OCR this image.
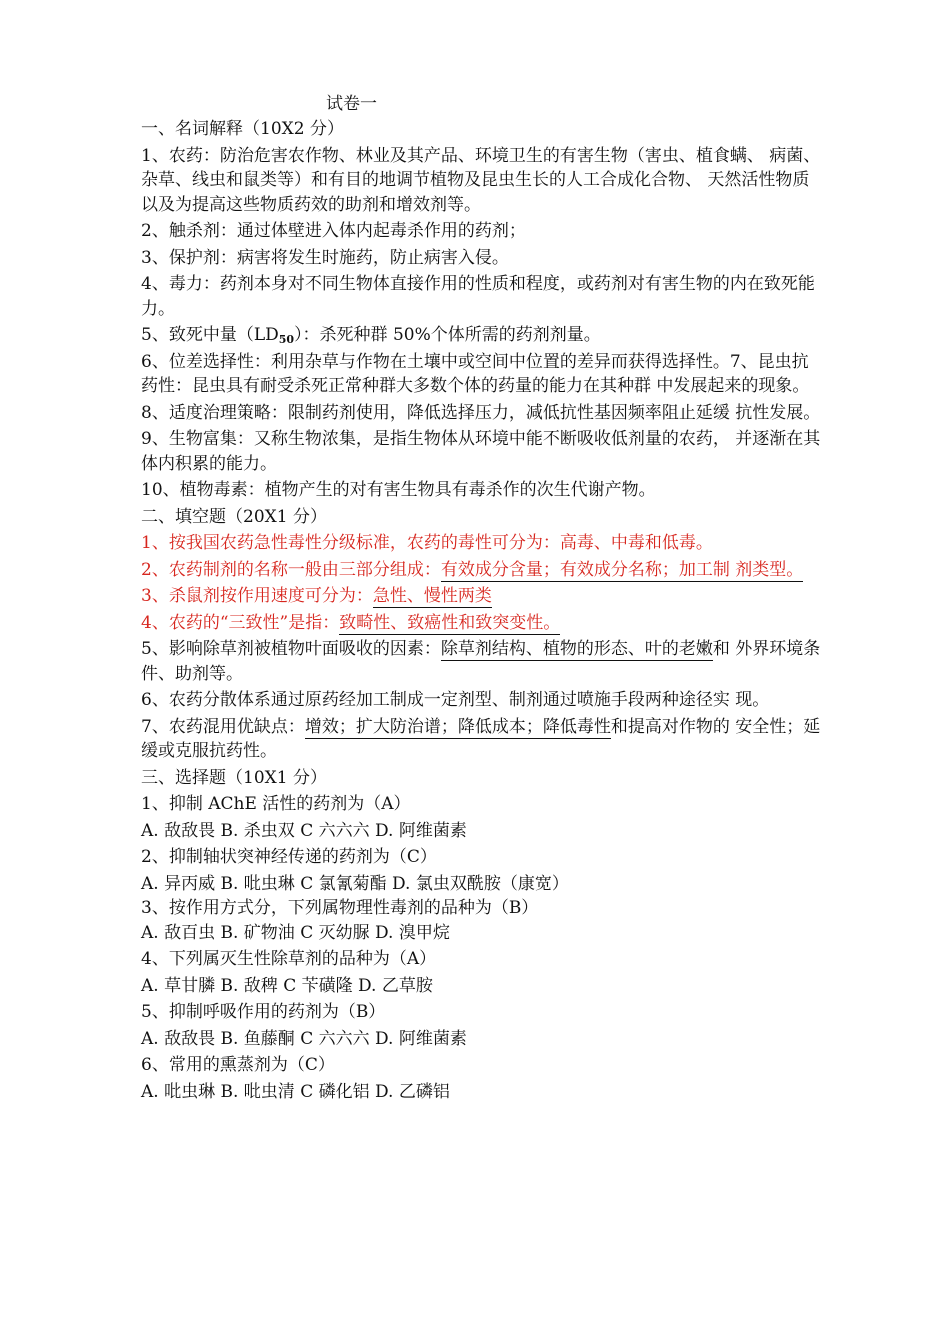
试卷一

一、名词解释（10X2 分）

1、农药：防治危害农作物、林业及其产品、环境卫生的有害生物（害虫、植食螨、 病菌、杂草、线虫和鼠类等）和有目的地调节植物及昆虫生长的人工合成化合物、 天然活性物质以及为提高这些物质药效的助剂和增效剂等。

2、触杀剂：通过体壁进入体内起毒杀作用的药剂；

3、保护剂：病害将发生时施药，防止病害入侵。

4、毒力：药剂本身对不同生物体直接作用的性质和程度，或药剂对有害生物的内在致死能力。

5、致死中量$(LD_{50})$：杀死种群 50%个体所需的药剂剂量。

6、位差选择性：利用杂草与作物在土壤中或空间中位置的差异而获得选择性。7、昆虫抗药性：昆虫具有耐受杀死正常种群大多数个体的药量的能力在其种群 中发展起来的现象。

8、适度治理策略：限制药剂使用，降低选择压力，减低抗性基因频率阻止延缓 抗性发展。

9、生物富集：又称生物浓集，是指生物体从环境中能不断吸收低剂量的农药， 并逐渐在其体内积累的能力。

10、植物毒素：植物产生的对有害生物具有毒杀作的次生代谢产物。

二、填空题（20X1 分）

1、按我国农药急性毒性分级标准，农药的毒性可分为：高毒、中毒和低毒。

2、农药制剂的名称一般由三部分组成：有效成分含量；有效成分名称；加工制 剂类型。

3、杀鼠剂按作用速度可分为：急性、慢性两类

4、农药的“三致性”是指：致畸性、致癌性和致突变性。

5、影响除草剂被植物叶面吸收的因素：除草剂结构、植物的形态、叶的老嫩和 外界环境条件、助剂等。

6、农药分散体系通过原药经加工制成一定剂型、制剂通过喷施手段两种途径实 现。

7、农药混用优缺点：增效；扩大防治谱；降低成本；降低毒性和提高对作物的 安全性；延缓或克服抗药性。

三、选择题（10X1 分）

1、抑制 AChE 活性的药剂为（A）

A. 敌敌畏 B. 杀虫双 C 六六六 D. 阿维菌素

2、抑制轴状突神经传递的药剂为（C）

A. 异丙威 B. 吡虫琳 C 氯氰菊酯 D. 氯虫双酰胺（康宽）

3、按作用方式分，下列属物理性毒剂的品种为（B）

A. 敌百虫 B. 矿物油 C 灭幼脲 D. 溴甲烷

4、下列属灭生性除草剂的品种为（A）

A. 草甘膦 B. 敌稗 C 苄磺隆 D. 乙草胺

5、抑制呼吸作用的药剂为（B）

A. 敌敌畏 B. 鱼藤酮 C 六六六 D. 阿维菌素

6、常用的熏蒸剂为（C）

A. 吡虫琳 B. 吡虫清 C 磷化铝 D. 乙磷铝
